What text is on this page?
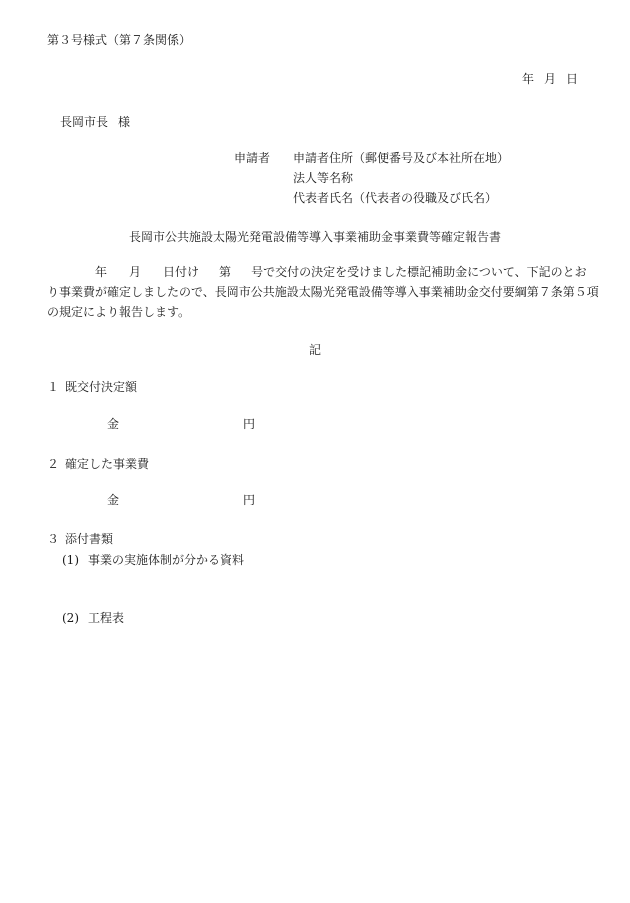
第３号様式（第７条関係）
年 月 日
長岡市長 様
申請者 申請者住所（郵便番号及び本社所在地）
法人等名称
代表者氏名（代表者の役職及び氏名）
長岡市公共施設太陽光発電設備等導入事業補助金事業費等確定報告書
年 月 日付け 第 号で交付の決定を受けました標記補助金について、下記のとお
り事業費が確定しましたので、長岡市公共施設太陽光発電設備等導入事業補助金交付要綱第７条第５項
の規定により報告します。
記
１ 既交付決定額
金	円
２ 確定した事業費
金	円
３ 添付書類
(1) 事業の実施体制が分かる資料
(2) 工程表
